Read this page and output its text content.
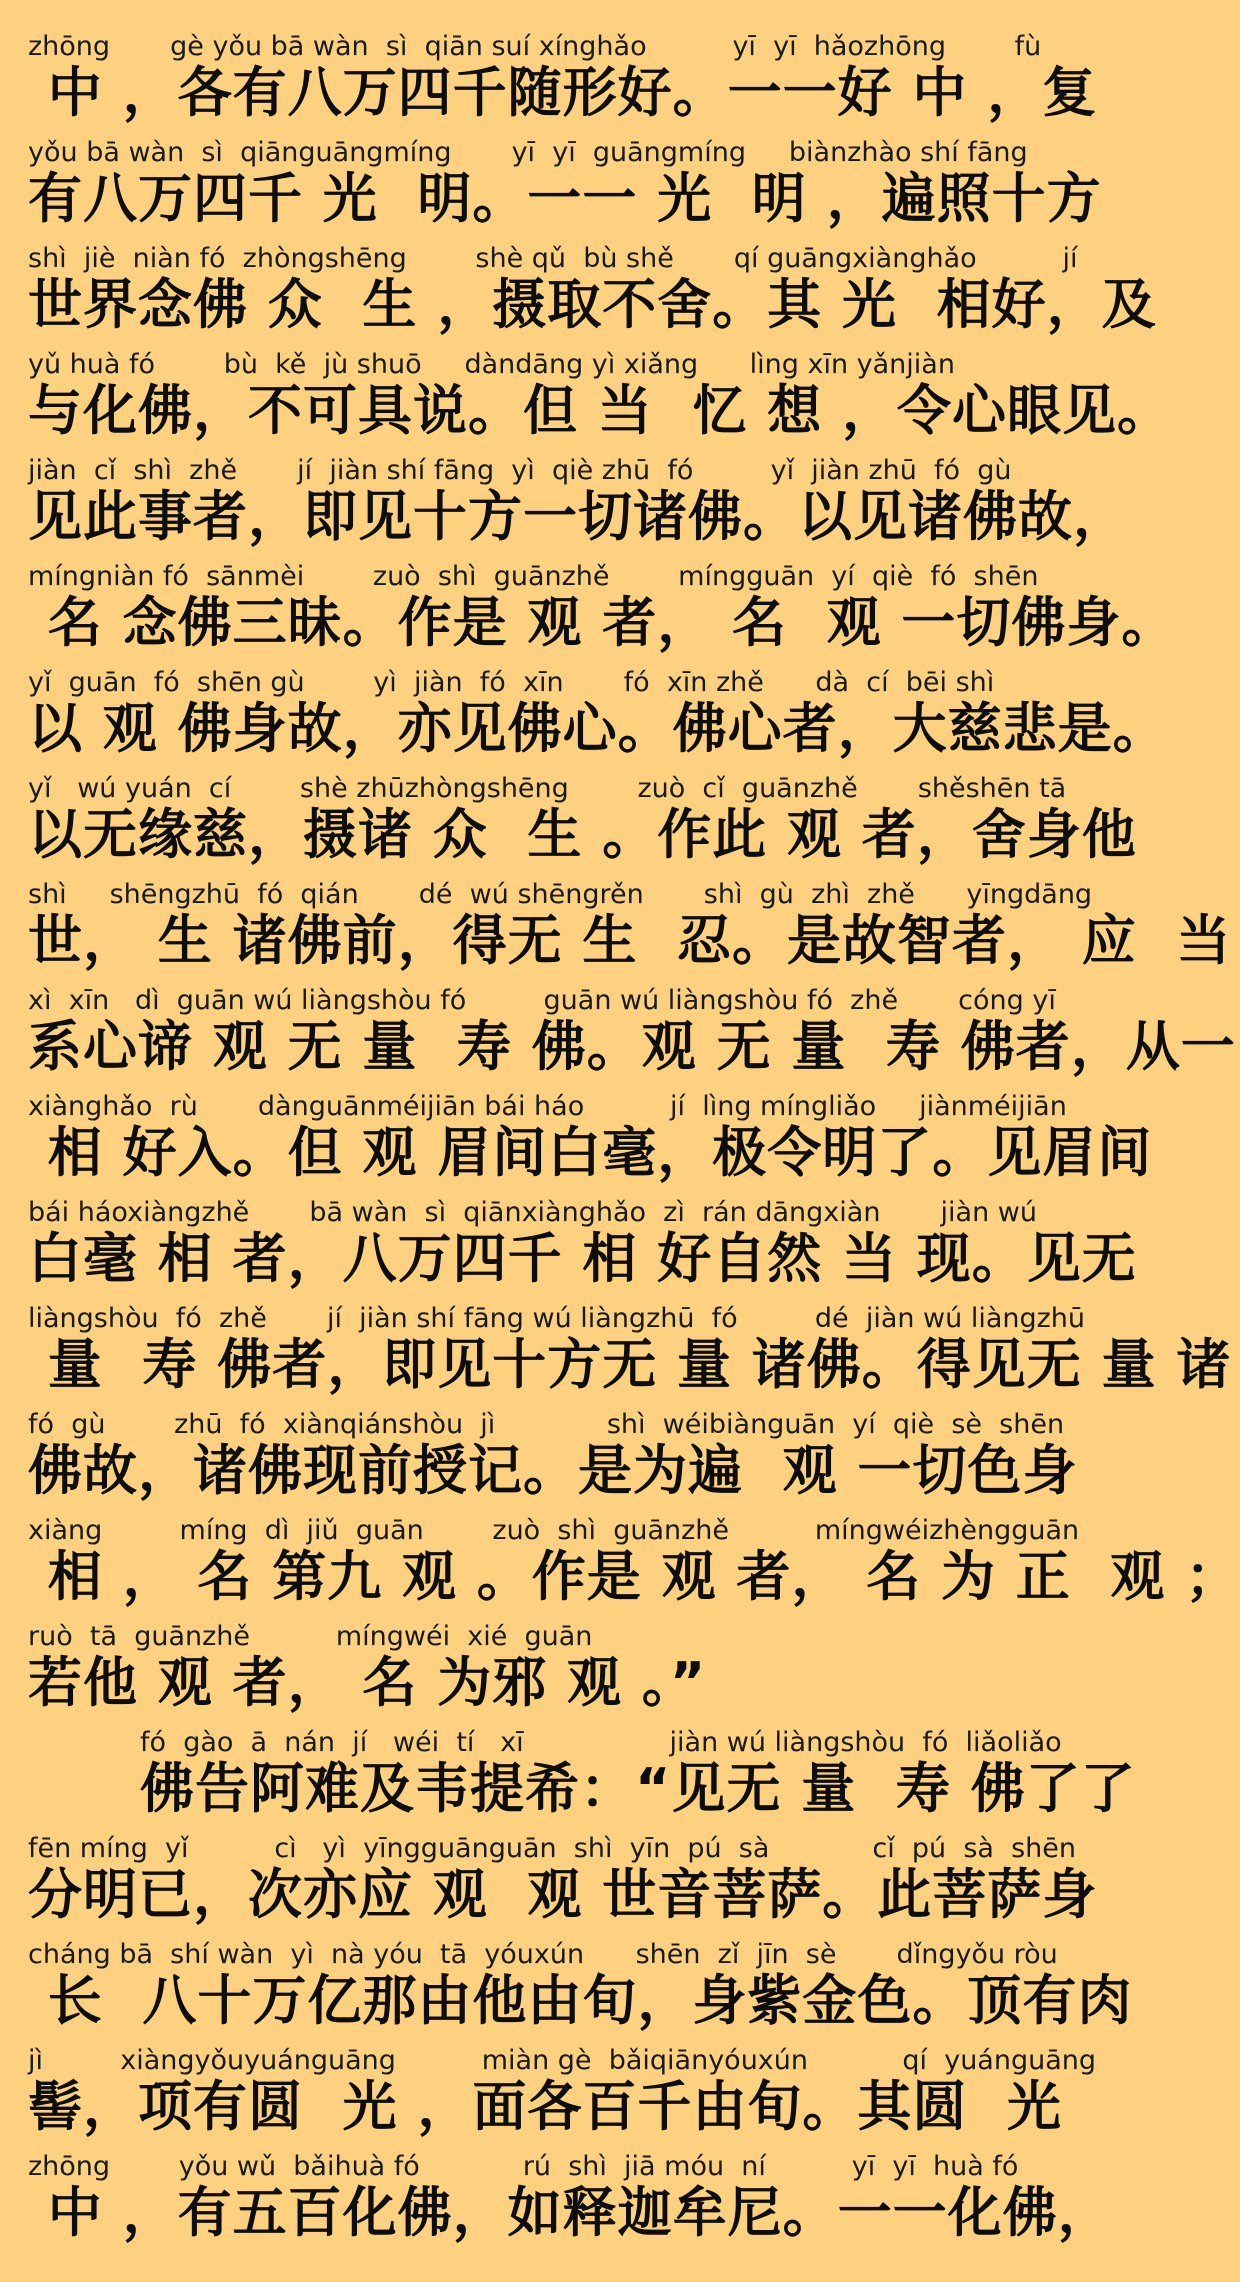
zhōng       gè yǒu bā wàn  sì  qiān suí xínghǎo          yī  yī  hǎozhōng        fù
中 ，各有八万四千随形好。一一好 中 ，复
yǒu bā wàn  sì  qiānguāngmíng       yī  yī  guāngmíng     biànzhào shí fāng
有八万四千 光  明。一一 光  明 ，遍照十方
shì  jiè  niàn fó  zhòngshēng        shè qǔ  bù shě       qí guāngxiànghǎo          jí
世界念佛 众  生 ，摄取不舍。其 光  相好，及
yǔ huà fó        bù  kě  jù shuō     dàndāng yì xiǎng      lìng xīn yǎnjiàn
与化佛，不可具说。但 当  忆 想 ，令心眼见。
jiàn  cǐ  shì  zhě       jí  jiàn shí fāng  yì  qiè zhū  fó         yǐ  jiàn zhū  fó  gù
见此事者，即见十方一切诸佛。以见诸佛故，
míngniàn fó  sānmèi        zuò  shì  guānzhě        míngguān  yí  qiè  fó  shēn
名 念佛三昧。作是 观 者， 名  观 一切佛身。
yǐ  guān  fó  shēn gù        yì  jiàn  fó  xīn       fó  xīn zhě      dà  cí  bēi shì
以 观 佛身故，亦见佛心。佛心者，大慈悲是。
yǐ   wú yuán  cí        shè zhūzhòngshēng        zuò  cǐ  guānzhě       shěshēn tā
以无缘慈，摄诸 众  生 。作此 观 者，舍身他
shì     shēngzhū  fó  qián       dé  wú shēngrěn       shì  gù  zhì  zhě      yīngdāng
世， 生 诸佛前，得无 生  忍。是故智者， 应  当
xì  xīn   dì  guān wú liàngshòu fó         guān wú liàngshòu fó  zhě       cóng yī
系心谛 观 无 量  寿 佛。观 无 量  寿 佛者，从一
xiànghǎo  rù       dànguānméijiān bái háo          jí  lìng míngliǎo     jiànméijiān
相 好入。但 观 眉间白毫，极令明了。见眉间
bái háoxiàngzhě       bā wàn  sì  qiānxiànghǎo  zì  rán dāngxiàn       jiàn wú
白毫 相 者，八万四千 相 好自然 当 现。见无
liàngshòu  fó  zhě       jí  jiàn shí fāng wú liàngzhū  fó         dé  jiàn wú liàngzhū
量  寿 佛者，即见十方无 量 诸佛。得见无 量 诸
fó  gù        zhū  fó  xiànqiánshòu  jì             shì  wéibiànguān  yí  qiè  sè  shēn
佛故，诸佛现前授记。是为遍  观 一切色身
xiàng         míng  dì  jiǔ  guān        zuò  shì  guānzhě          míngwéizhèngguān
相 ， 名 第九 观 。作是 观 者， 名 为 正  观 ；
ruò  tā  guānzhě          míngwéi  xié  guān
若他 观 者， 名 为邪 观 。”
fó  gào  ā  nán  jí   wéi  tí   xī                 jiàn wú liàngshòu  fó  liǎoliǎo
佛告阿难及韦提希：“见无 量  寿 佛了了
fēn míng  yǐ          cì   yì  yīngguānguān  shì  yīn  pú  sà            cǐ  pú  sà  shēn
分明已，次亦应 观  观 世音菩萨。此菩萨身
cháng bā  shí wàn  yì  nà yóu  tā  yóuxún      shēn  zǐ  jīn  sè       dǐngyǒu ròu
长  八十万亿那由他由旬，身紫金色。顶有肉
jì         xiàngyǒuyuánguāng          miàn gè  bǎiqiānyóuxún           qí  yuánguāng
髻，项有圆  光 ，面各百千由旬。其圆  光
zhōng        yǒu wǔ  bǎihuà fó            rú  shì  jiā móu  ní          yī  yī  huà fó
中 ，有五百化佛，如释迦牟尼。一一化佛，
